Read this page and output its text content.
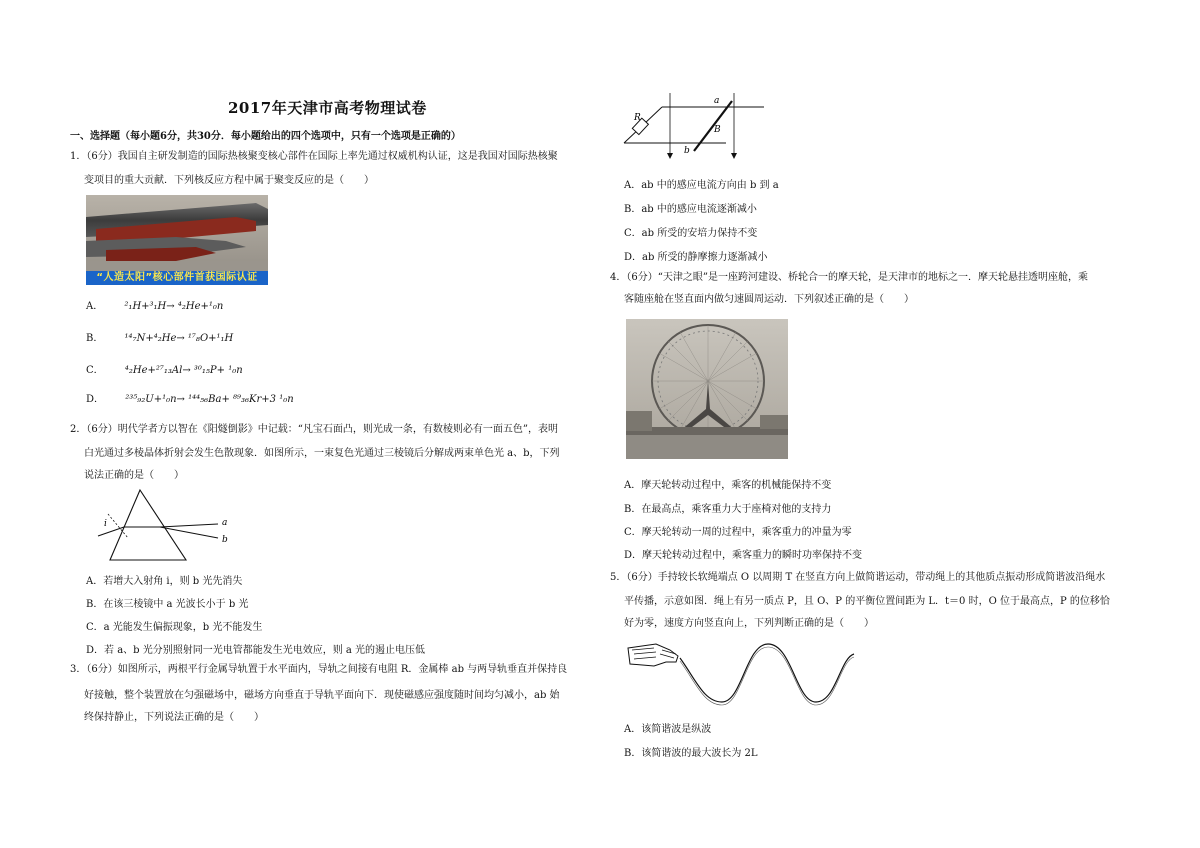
2017年天津市高考物理试卷
一、选择题（每小题6分，共30分．每小题给出的四个选项中，只有一个选项是正确的）
1．（6分）我国自主研发制造的国际热核聚变核心部件在国际上率先通过权威机构认证，这是我国对国际热核聚
变项目的重大贡献．下列核反应方程中属于聚变反应的是（　　）
“人造太阳”核心部件首获国际认证
A． ²₁H+³₁H→ ⁴₂He+¹₀n
B． ¹⁴₇N+⁴₂He→ ¹⁷₈O+¹₁H
C． ⁴₂He+²⁷₁₃Al→ ³⁰₁₅P+ ¹₀n
D． ²³⁵₉₂U+¹₀n→ ¹⁴⁴₅₆Ba+ ⁸⁹₃₆Kr+3 ¹₀n
2．（6分）明代学者方以智在《阳燧倒影》中记载：“凡宝石面凸，则光成一条，有数棱则必有一面五色”，表明
白光通过多棱晶体折射会发生色散现象．如图所示，一束复色光通过三棱镜后分解成两束单色光 a、b，下列
说法正确的是（　　）
i	a
b
A．若增大入射角 i，则 b 光先消失
B．在该三棱镜中 a 光波长小于 b 光
C．a 光能发生偏振现象，b 光不能发生
D．若 a、b 光分别照射同一光电管都能发生光电效应，则 a 光的遏止电压低
3．（6分）如图所示，两根平行金属导轨置于水平面内，导轨之间接有电阻 R．金属棒 ab 与两导轨垂直并保持良
好接触，整个装置放在匀强磁场中，磁场方向垂直于导轨平面向下．现使磁感应强度随时间均匀减小，ab 始
终保持静止，下列说法正确的是（　　）
R
a
B
b
A．ab 中的感应电流方向由 b 到 a
B．ab 中的感应电流逐渐减小
C．ab 所受的安培力保持不变
D．ab 所受的静摩擦力逐渐减小
4．（6分）“天津之眼”是一座跨河建设、桥轮合一的摩天轮，是天津市的地标之一．摩天轮悬挂透明座舱，乘
客随座舱在竖直面内做匀速圆周运动．下列叙述正确的是（　　）
A．摩天轮转动过程中，乘客的机械能保持不变
B．在最高点，乘客重力大于座椅对他的支持力
C．摩天轮转动一周的过程中，乘客重力的冲量为零
D．摩天轮转动过程中，乘客重力的瞬时功率保持不变
5．（6分）手持较长软绳端点 O 以周期 T 在竖直方向上做简谐运动，带动绳上的其他质点振动形成简谐波沿绳水
平传播，示意如图．绳上有另一质点 P，且 O、P 的平衡位置间距为 L．t＝0 时，O 位于最高点，P 的位移恰
好为零，速度方向竖直向上，下列判断正确的是（　　）
A．该简谐波是纵波
B．该简谐波的最大波长为 2L
